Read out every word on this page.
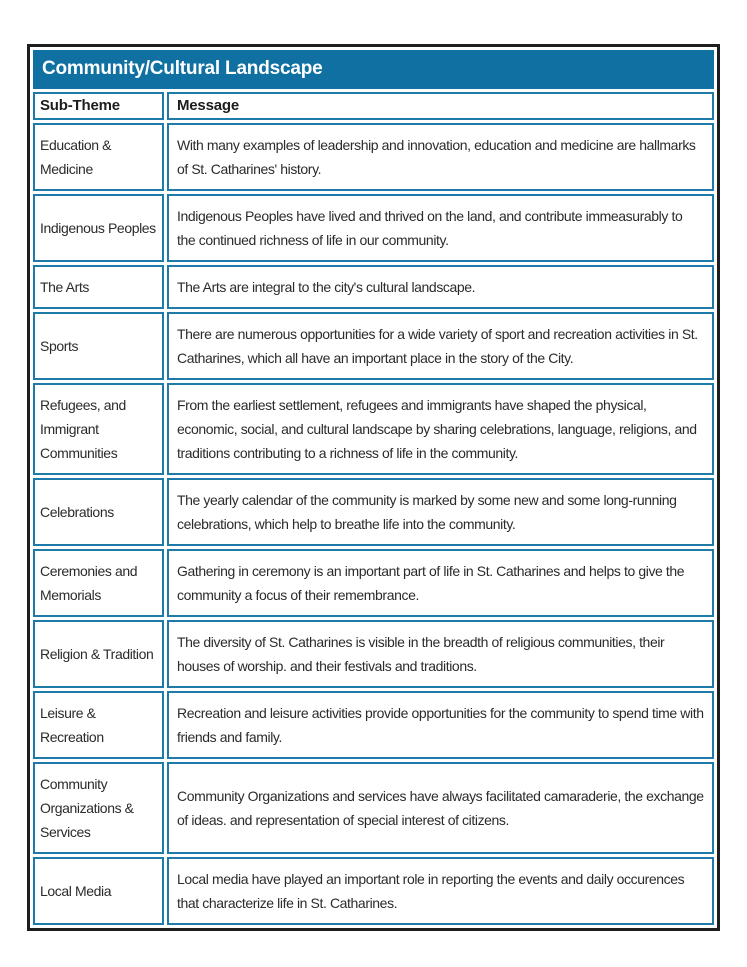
Community/Cultural Landscape	
Sub-Theme	Message
Education & Medicine	With many examples of leadership and innovation, education and medicine are hallmarks of St. Catharines' history.
Indigenous Peoples	Indigenous Peoples have lived and thrived on the land, and contribute immeasurably to the continued richness of life in our community.
The Arts	The Arts are integral to the city's cultural landscape.
Sports	There are numerous opportunities for a wide variety of sport and recreation activities in St. Catharines, which all have an important place in the story of the City.
Refugees, and Immigrant Communities	From the earliest settlement, refugees and immigrants have shaped the physical, economic, social, and cultural landscape by sharing celebrations, language, religions, and traditions contributing to a richness of life in the community.
Celebrations	The yearly calendar of the community is marked by some new and some long-running celebrations, which help to breathe life into the community.
Ceremonies and Memorials	Gathering in ceremony is an important part of life in St. Catharines and helps to give the community a focus of their remembrance.
Religion & Tradition	The diversity of St. Catharines is visible in the breadth of religious communities, their houses of worship. and their festivals and traditions.
Leisure & Recreation	Recreation and leisure activities provide opportunities for the community to spend time with friends and family.
Community Organizations & Services	Community Organizations and services have always facilitated camaraderie, the exchange of ideas. and representation of special interest of citizens.
Local Media	Local media have played an important role in reporting the events and daily occurences that characterize life in St. Catharines.
